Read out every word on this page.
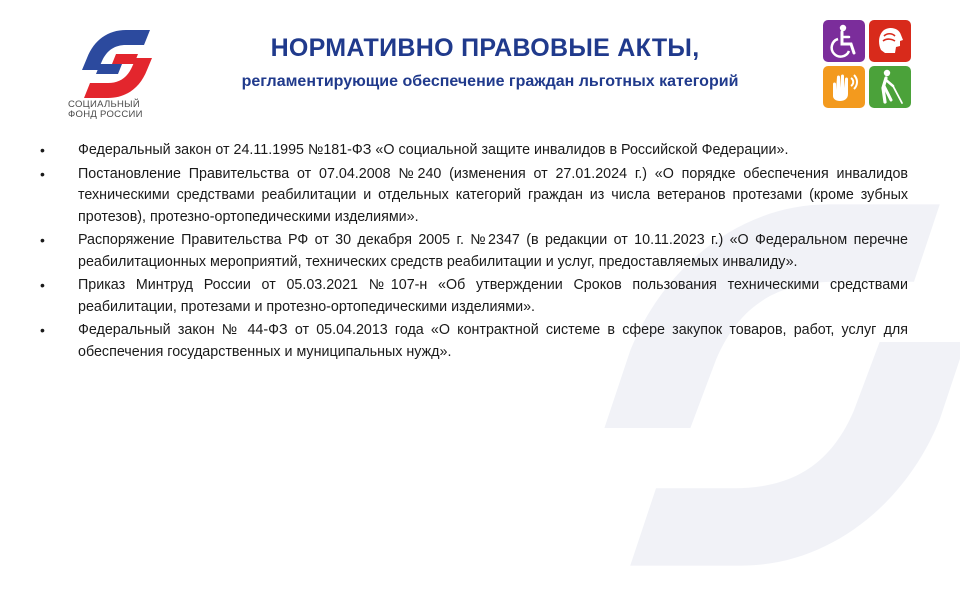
СОЦИАЛЬНЫЙ
ФОНД РОССИИ
НОРМАТИВНО ПРАВОВЫЕ АКТЫ,
регламентирующие обеспечение граждан льготных категорий
• Федеральный закон от 24.11.1995 №181-ФЗ «О социальной защите инвалидов в Российской Федерации».
• Постановление Правительства от 07.04.2008 №240 (изменения от 27.01.2024 г.) «О порядке обеспечения инвалидов техническими средствами реабилитации и отдельных категорий граждан из числа ветеранов протезами (кроме зубных протезов), протезно-ортопедическими изделиями».
• Распоряжение Правительства РФ от 30 декабря 2005 г. №2347 (в редакции от 10.11.2023 г.) «О Федеральном перечне реабилитационных мероприятий, технических средств реабилитации и услуг, предоставляемых инвалиду».
• Приказ Минтруд России от 05.03.2021 №107-н «Об утверждении Сроков пользования техническими средствами реабилитации, протезами и протезно-ортопедическими изделиями».
• Федеральный закон № 44-ФЗ от 05.04.2013 года «О контрактной системе в сфере закупок товаров, работ, услуг для обеспечения государственных и муниципальных нужд».
